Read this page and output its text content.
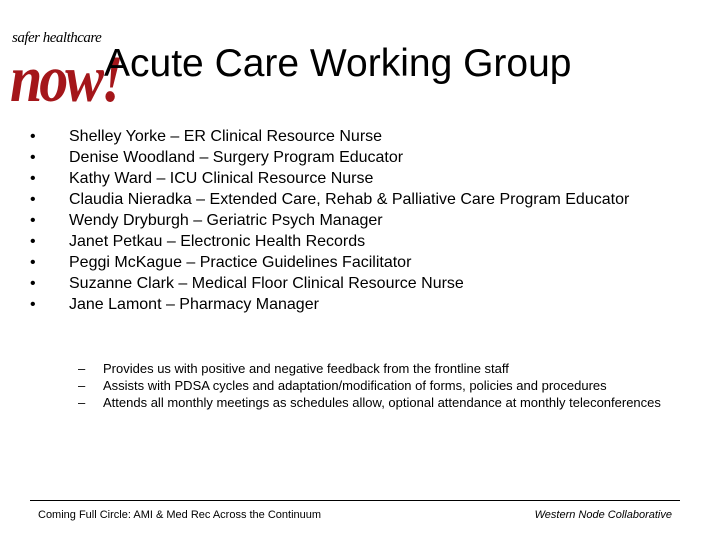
safer healthcare
now!
Acute Care Working Group
•	Shelley Yorke – ER Clinical Resource Nurse
•	Denise Woodland – Surgery Program Educator
•	Kathy Ward – ICU Clinical Resource Nurse
•	Claudia Nieradka – Extended Care, Rehab & Palliative Care Program Educator
•	Wendy Dryburgh – Geriatric Psych Manager
•	Janet Petkau – Electronic Health Records
•	Peggi McKague – Practice Guidelines Facilitator
•	Suzanne Clark – Medical Floor Clinical Resource Nurse
•	Jane Lamont – Pharmacy Manager
– Provides us with positive and negative feedback from the frontline staff
– Assists with PDSA cycles and adaptation/modification of forms, policies and procedures
– Attends all monthly meetings as schedules allow, optional attendance at monthly teleconferences
Coming Full Circle: AMI & Med Rec Across the Continuum	Western Node Collaborative
